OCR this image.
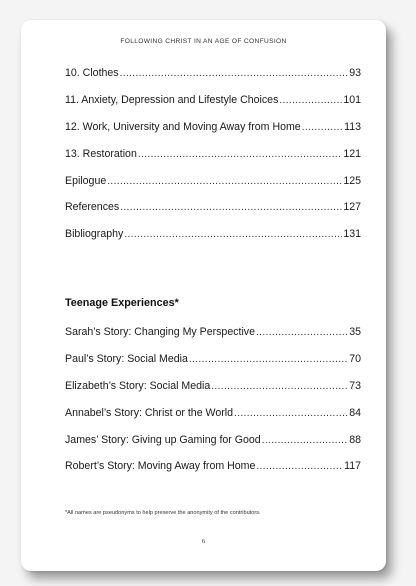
FOLLOWING CHRIST IN AN AGE OF CONFUSION
10. Clothes .....	93
11. Anxiety, Depression and Lifestyle Choices .....	101
12. Work, University and Moving Away from Home .....	113
13. Restoration .....	121
Epilogue .....	125
References .....	127
Bibliography .....	131
Teenage Experiences*
Sarah’s Story: Changing My Perspective .....	35
Paul’s Story: Social Media .....	70
Elizabeth’s Story: Social Media .....	73
Annabel’s Story: Christ or the World .....	84
James’ Story: Giving up Gaming for Good .....	88
Robert’s Story: Moving Away from Home .....	117
*All names are pseudonyms to help preserve the anonymity of the contributors.
6
